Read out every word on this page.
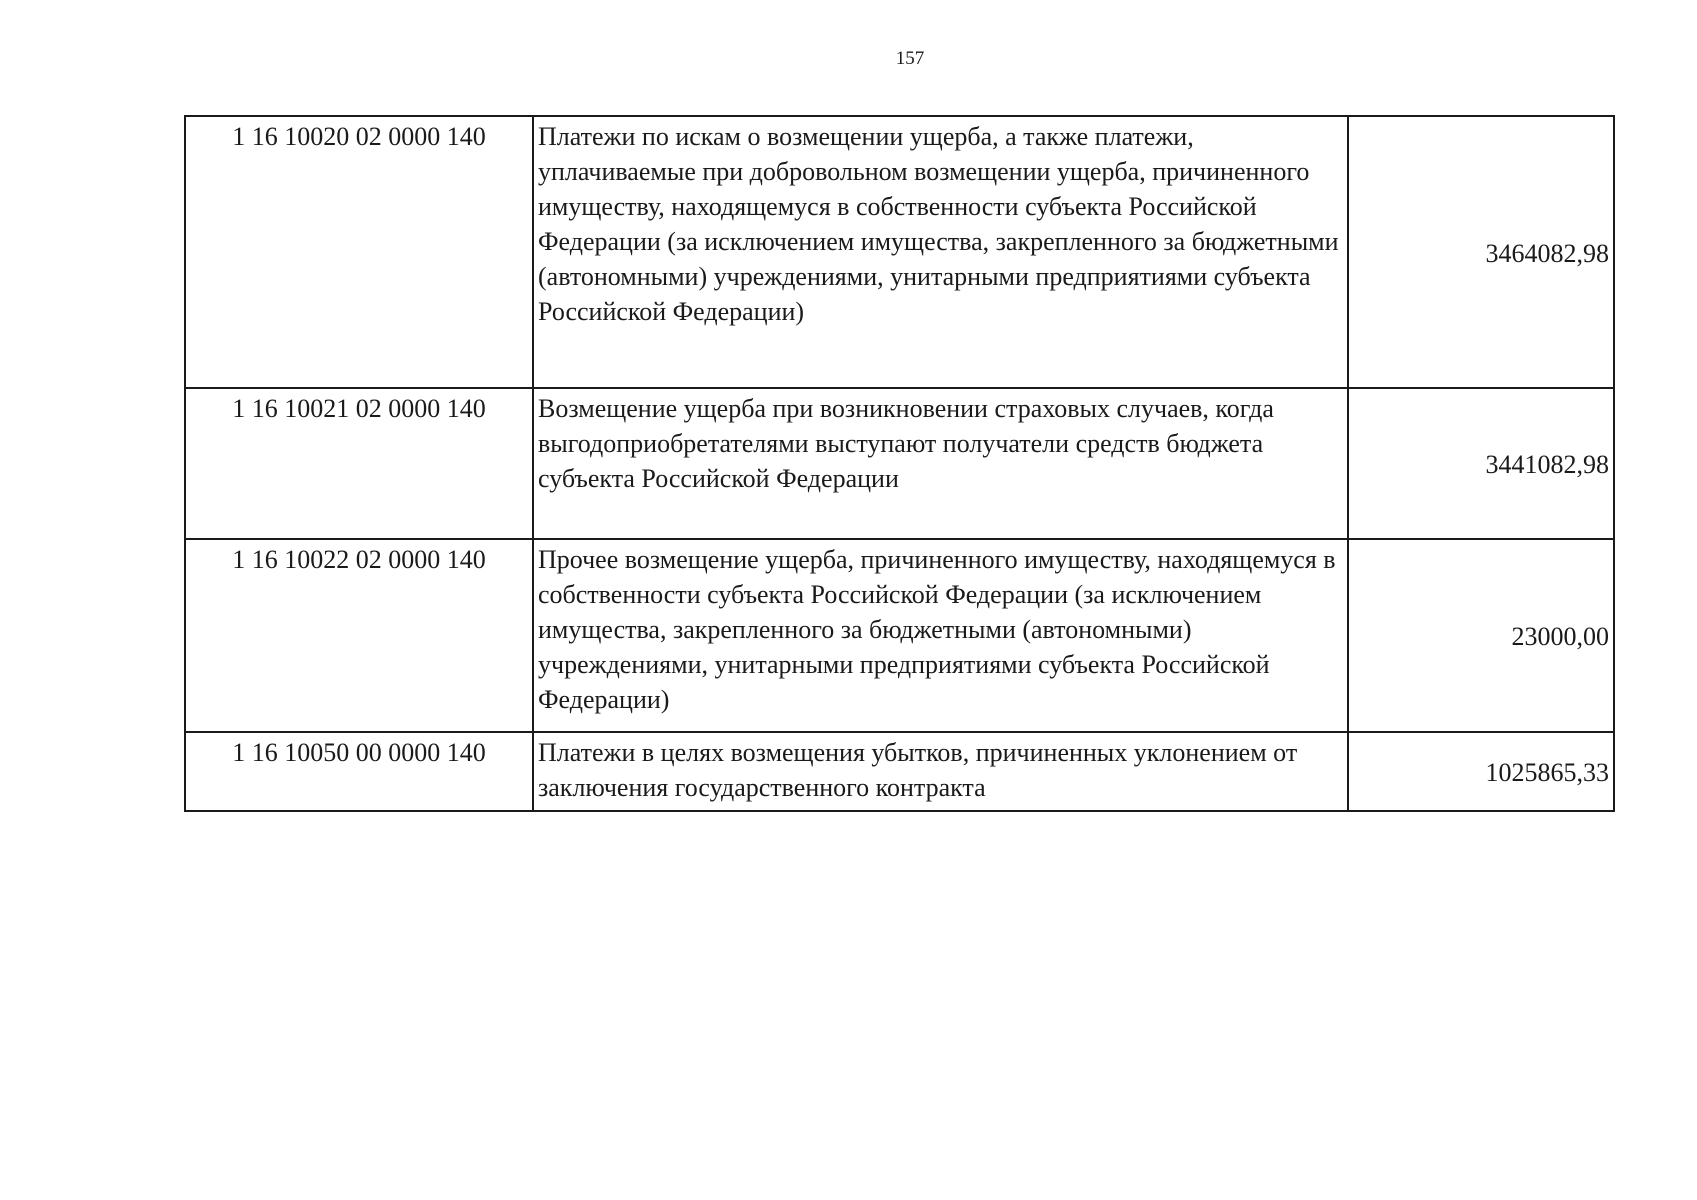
157
1 16 10020 02 0000 140	Платежи по искам о возмещении ущерба, а также платежи, уплачиваемые при добровольном возмещении ущерба, причиненного имуществу, находящемуся в собственности субъекта Российской Федерации (за исключением имущества, закрепленного за бюджетными (автономными) учреждениями, унитарными предприятиями субъекта Российской Федерации)	3464082,98
1 16 10021 02 0000 140	Возмещение ущерба при возникновении страховых случаев, когда выгодоприобретателями выступают получатели средств бюджета субъекта Российской Федерации	3441082,98
1 16 10022 02 0000 140	Прочее возмещение ущерба, причиненного имуществу, находящемуся в собственности субъекта Российской Федерации (за исключением имущества, закрепленного за бюджетными (автономными) учреждениями, унитарными предприятиями субъекта Российской Федерации)	23000,00
1 16 10050 00 0000 140	Платежи в целях возмещения убытков, причиненных уклонением от заключения государственного контракта	1025865,33
